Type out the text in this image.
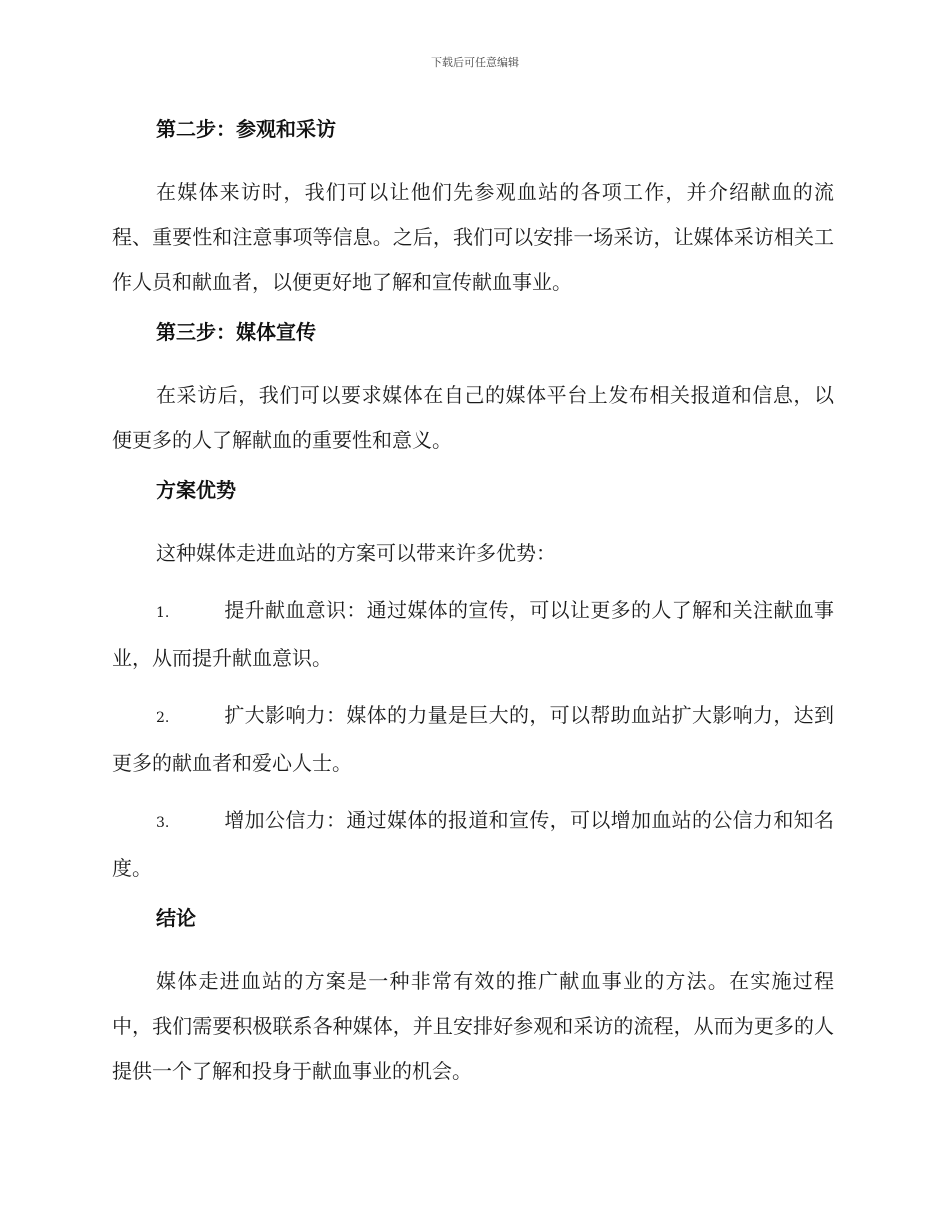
下载后可任意编辑
第二步：参观和采访

在媒体来访时，我们可以让他们先参观血站的各项工作，并介绍献血的流程、重要性和注意事项等信息。之后，我们可以安排一场采访，让媒体采访相关工作人员和献血者，以便更好地了解和宣传献血事业。

第三步：媒体宣传

在采访后，我们可以要求媒体在自己的媒体平台上发布相关报道和信息，以便更多的人了解献血的重要性和意义。

方案优势

这种媒体走进血站的方案可以带来许多优势：

1.	提升献血意识：通过媒体的宣传，可以让更多的人了解和关注献血事业，从而提升献血意识。

2.	扩大影响力：媒体的力量是巨大的，可以帮助血站扩大影响力，达到更多的献血者和爱心人士。

3.	增加公信力：通过媒体的报道和宣传，可以增加血站的公信力和知名度。

结论

媒体走进血站的方案是一种非常有效的推广献血事业的方法。在实施过程中，我们需要积极联系各种媒体，并且安排好参观和采访的流程，从而为更多的人提供一个了解和投身于献血事业的机会。
